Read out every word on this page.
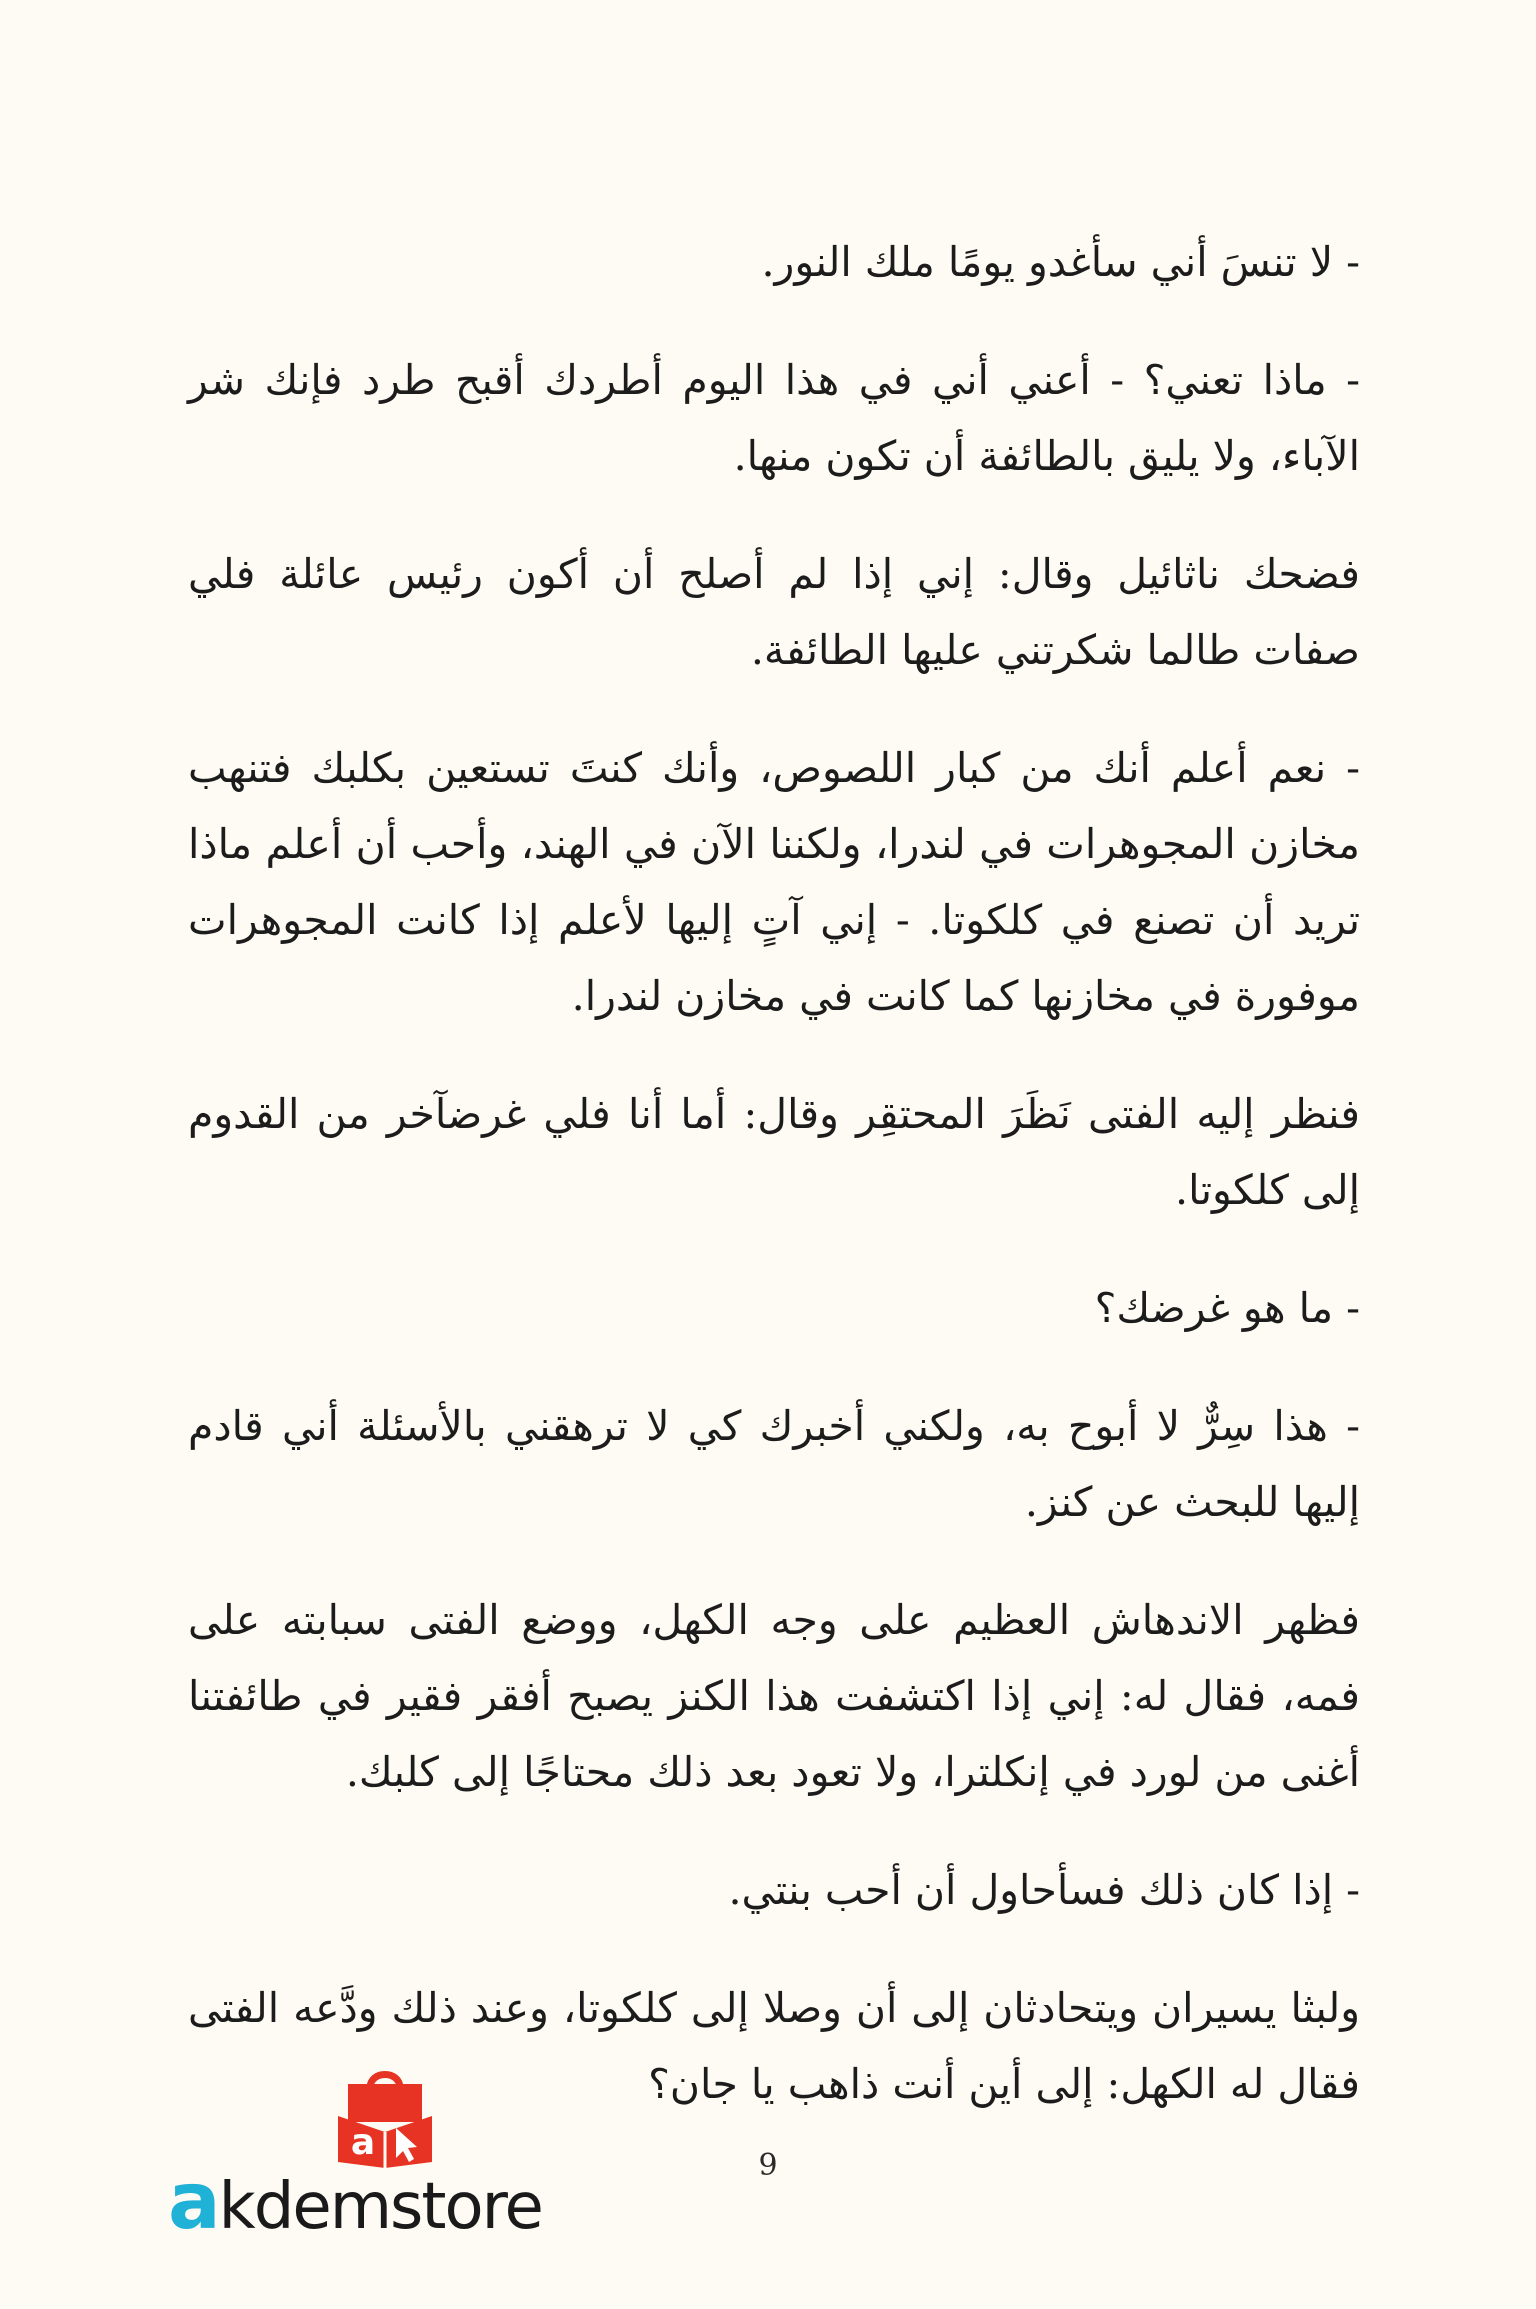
- لا تنسَ أني سأغدو يومًا ملك النور.

- ماذا تعني؟ - أعني أني في هذا اليوم أطردك أقبح طرد فإنك شر الآباء، ولا يليق بالطائفة أن تكون منها.

فضحك ناثائيل وقال: إني إذا لم أصلح أن أكون رئيس عائلة فلي صفات طالما شكرتني عليها الطائفة.

- نعم أعلم أنك من كبار اللصوص، وأنك كنتَ تستعين بكلبك فتنهب مخازن المجوهرات في لندرا، ولكننا الآن في الهند، وأحب أن أعلم ماذا تريد أن تصنع في كلكوتا. - إني آتٍ إليها لأعلم إذا كانت المجوهرات موفورة في مخازنها كما كانت في مخازن لندرا.

فنظر إليه الفتى نَظَرَ المحتقِر وقال: أما أنا فلي غرضآخر من القدوم إلى كلكوتا.

- ما هو غرضك؟

- هذا سِرٌّ لا أبوح به، ولكني أخبرك كي لا ترهقني بالأسئلة أني قادم إليها للبحث عن كنز.

فظهر الاندهاش العظيم على وجه الكهل، ووضع الفتى سبابته على فمه، فقال له: إني إذا اكتشفت هذا الكنز يصبح أفقر فقير في طائفتنا أغنى من لورد في إنكلترا، ولا تعود بعد ذلك محتاجًا إلى كلبك.

- إذا كان ذلك فسأحاول أن أحب بنتي.

ولبثا يسيران ويتحادثان إلى أن وصلا إلى كلكوتا، وعند ذلك ودَّعه الفتى فقال له الكهل: إلى أين أنت ذاهب يا جان؟

9
a
akdemstore
